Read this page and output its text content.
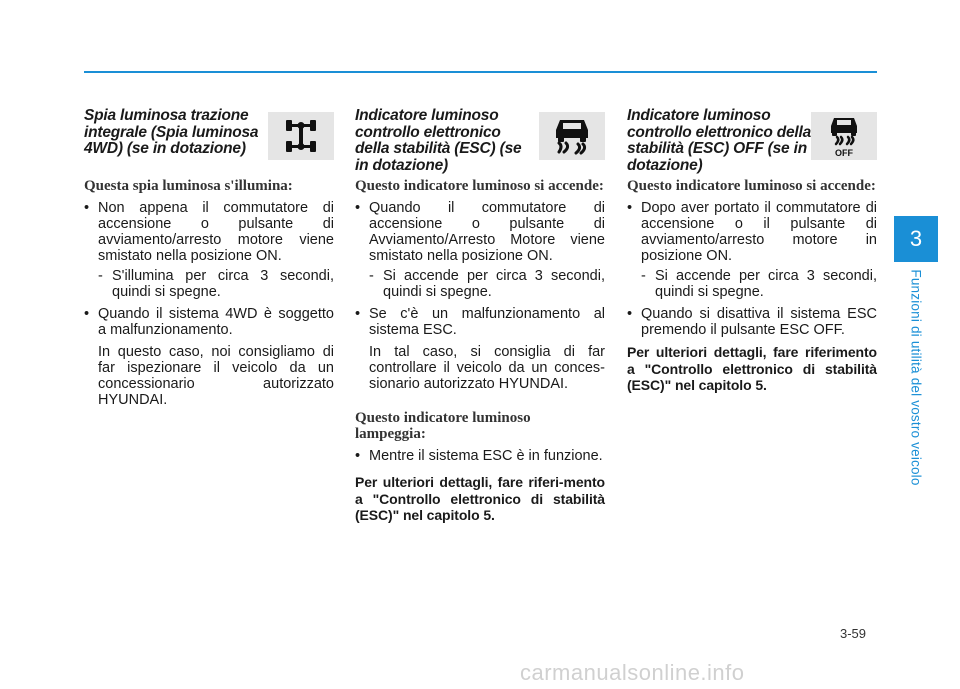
Spia luminosa trazione integrale (Spia luminosa 4WD) (se in dotazione)

Questa spia luminosa s'illumina:

• Non appena il commutatore di accensione o pulsante di avviamento/arresto motore viene smistato nella posizione ON.
- S'illumina per circa 3 secondi, quindi si spegne.
• Quando il sistema 4WD è soggetto a malfunzionamento.
In questo caso, noi consigliamo di far ispezionare il veicolo da un concessionario autorizzato HYUNDAI.

Indicatore luminoso controllo elettronico della stabilità (ESC) (se in dotazione)

Questo indicatore luminoso si accende:

• Quando il commutatore di accensione o pulsante di Avviamento/Arresto Motore viene smistato nella posizione ON.
- Si accende per circa 3 secondi, quindi si spegne.
• Se c'è un malfunzionamento al sistema ESC.
In tal caso, si consiglia di far controllare il veicolo da un conces-sionario autorizzato HYUNDAI.

Questo indicatore luminoso lampeggia:

• Mentre il sistema ESC è in funzione.

Per ulteriori dettagli, fare riferi-mento a "Controllo elettronico di stabilità (ESC)" nel capitolo 5.

Indicatore luminoso controllo elettronico della stabilità (ESC) OFF (se in dotazione)

OFF

Questo indicatore luminoso si accende:

• Dopo aver portato il commutatore di accensione o il pulsante di avviamento/arresto motore in posizione ON.
- Si accende per circa 3 secondi, quindi si spegne.
• Quando si disattiva il sistema ESC premendo il pulsante ESC OFF.

Per ulteriori dettagli, fare riferimento a "Controllo elettronico di stabilità (ESC)" nel capitolo 5.

3
Funzioni di utilità del vostro veicolo
3-59
carmanualsonline.info
